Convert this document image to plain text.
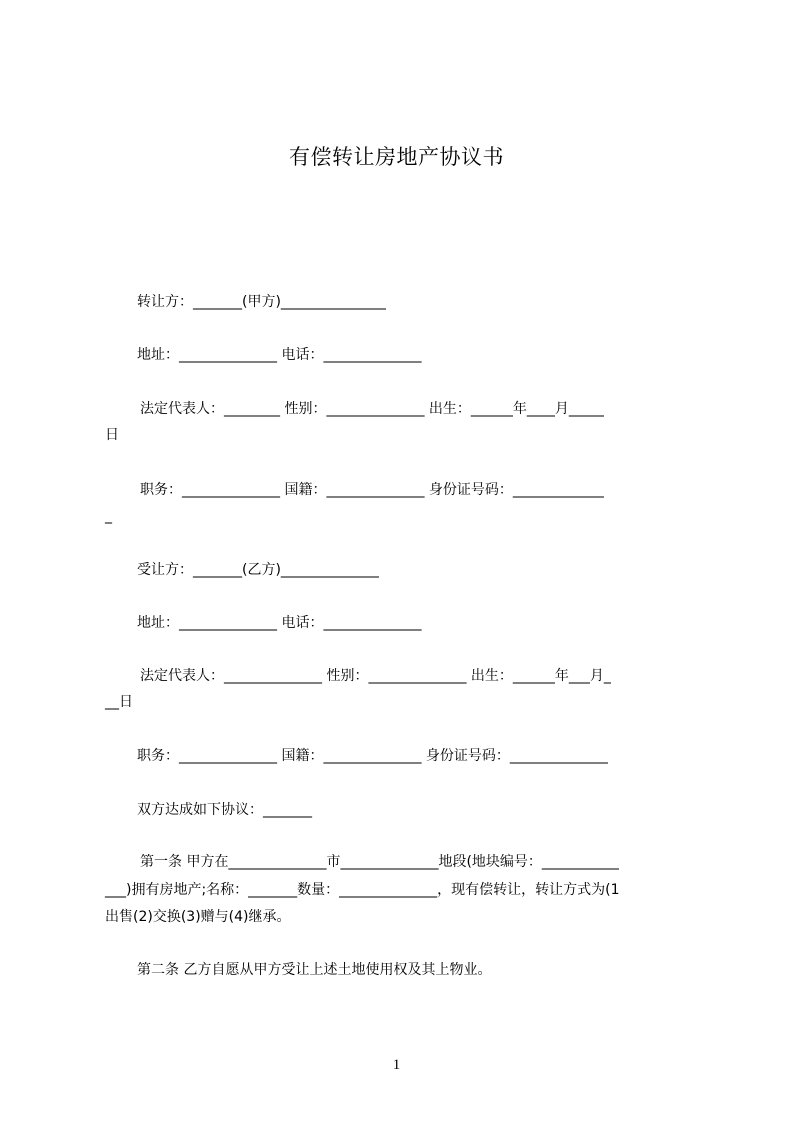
有偿转让房地产协议书
转让方：_______(甲方)_______________
地址：______________ 电话：______________
法定代表人：________ 性别：______________ 出生：______年____月_____
日
职务：______________ 国籍：______________ 身份证号码：_____________
_
受让方：_______(乙方)______________
地址：______________ 电话：______________
法定代表人：______________ 性别：______________ 出生：______年___月_
__日
职务：______________ 国籍：______________ 身份证号码：______________
双方达成如下协议：_______
第一条 甲方在______________市______________地段(地块编号：___________
___)拥有房地产;名称：_______数量：______________，现有偿转让，转让方式为(1
出售(2)交换(3)赠与(4)继承。
第二条 乙方自愿从甲方受让上述土地使用权及其上物业。
1
